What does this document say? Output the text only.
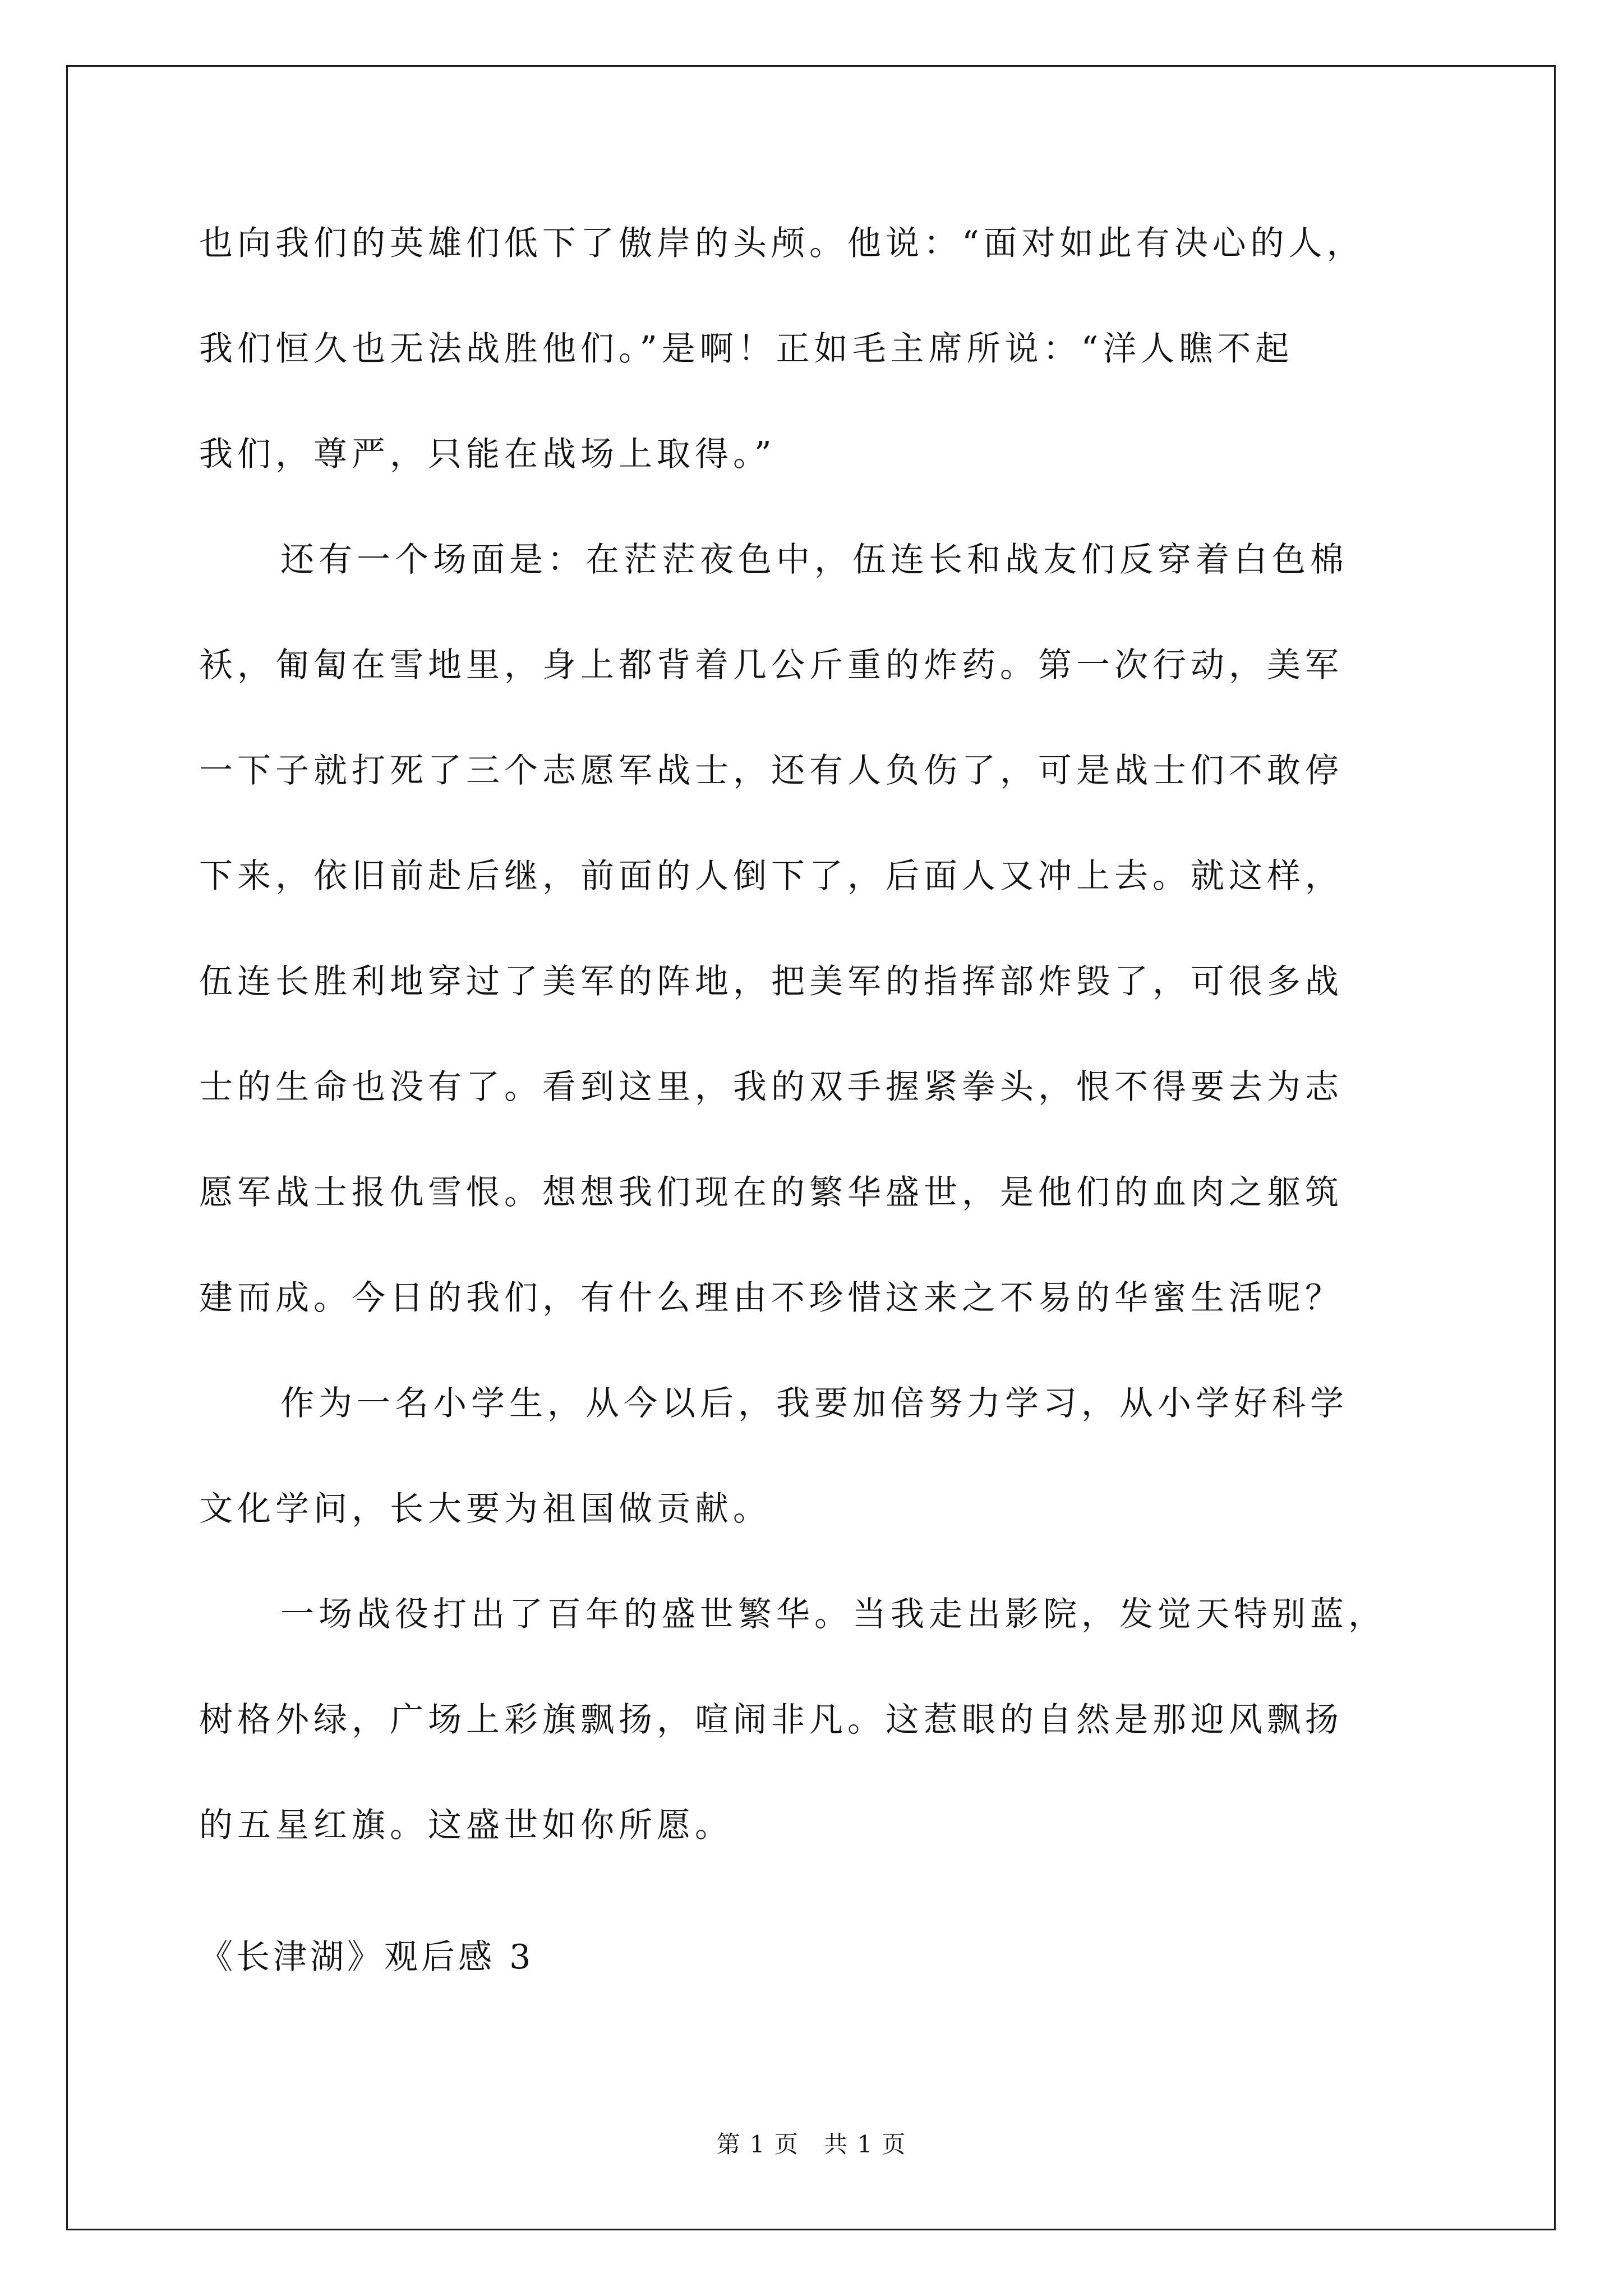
也向我们的英雄们低下了傲岸的头颅。他说：“面对如此有决心的人，
我们恒久也无法战胜他们。”是啊！正如毛主席所说：“洋人瞧不起
我们，尊严，只能在战场上取得。”
还有一个场面是：在茫茫夜色中，伍连长和战友们反穿着白色棉
袄，匍匐在雪地里，身上都背着几公斤重的炸药。第一次行动，美军
一下子就打死了三个志愿军战士，还有人负伤了，可是战士们不敢停
下来，依旧前赴后继，前面的人倒下了，后面人又冲上去。就这样，
伍连长胜利地穿过了美军的阵地，把美军的指挥部炸毁了，可很多战
士的生命也没有了。看到这里，我的双手握紧拳头，恨不得要去为志
愿军战士报仇雪恨。想想我们现在的繁华盛世，是他们的血肉之躯筑
建而成。今日的我们，有什么理由不珍惜这来之不易的华蜜生活呢？
作为一名小学生，从今以后，我要加倍努力学习，从小学好科学
文化学问，长大要为祖国做贡献。
一场战役打出了百年的盛世繁华。当我走出影院，发觉天特别蓝，
树格外绿，广场上彩旗飘扬，喧闹非凡。这惹眼的自然是那迎风飘扬
的五星红旗。这盛世如你所愿。
《长津湖》观后感 3
第 1 页　共 1 页
